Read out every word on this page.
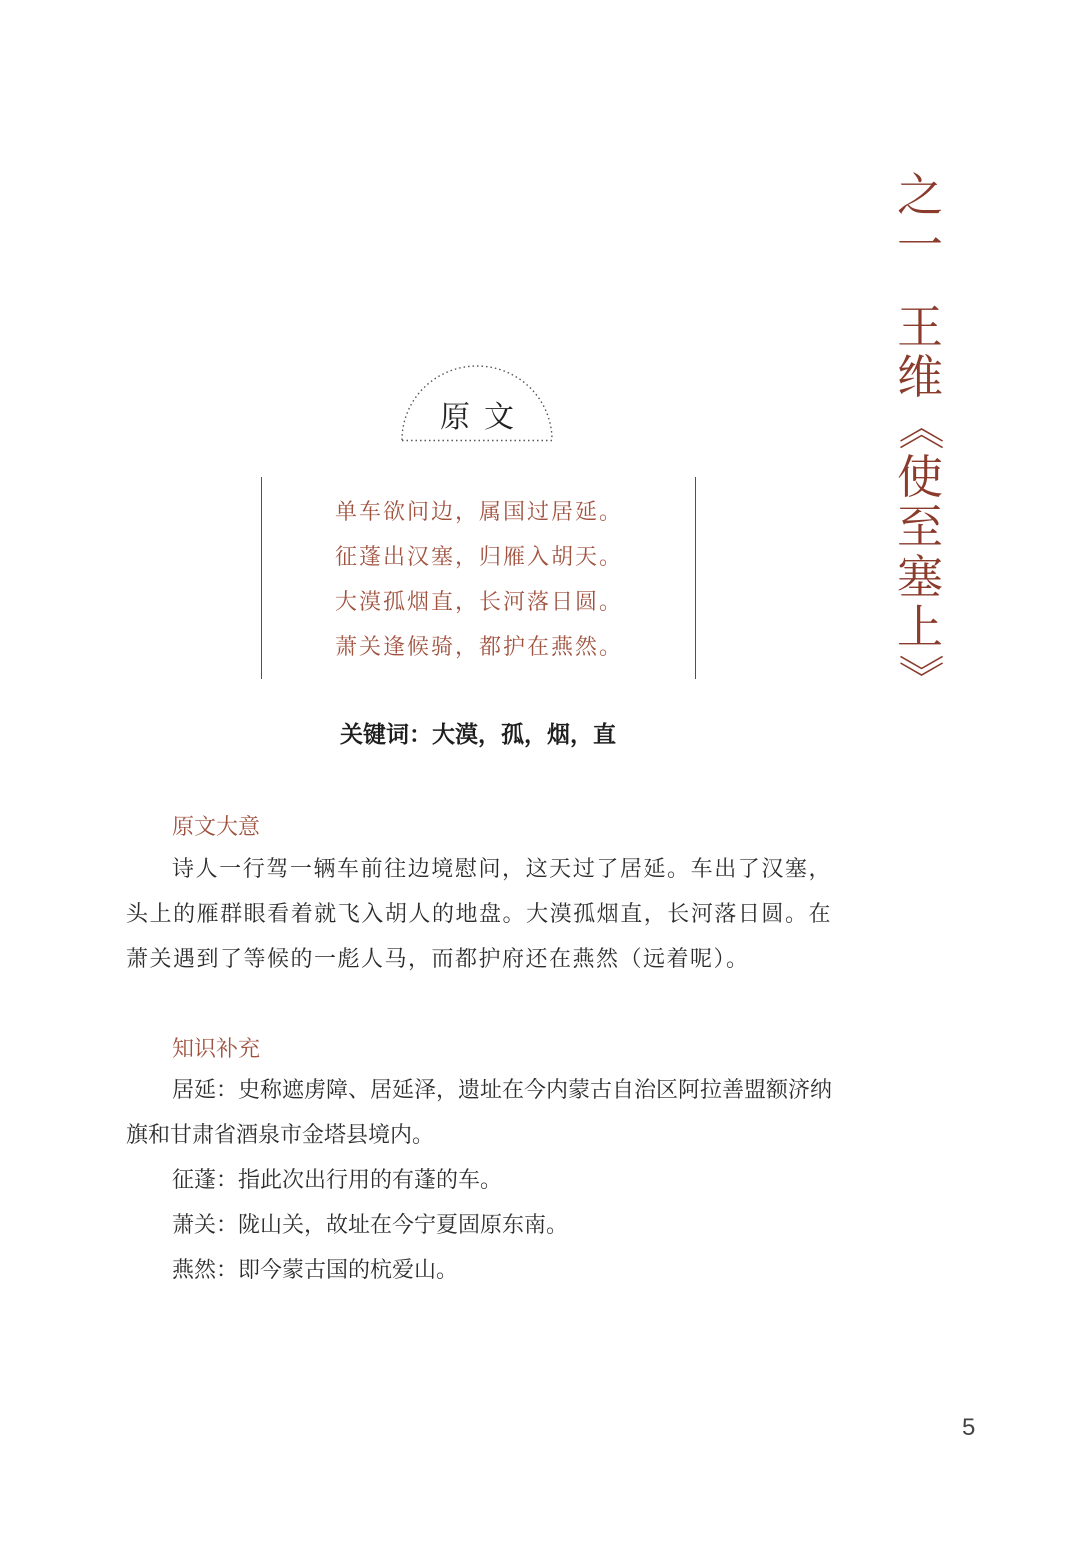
之
一
王
维
《
使
至
塞
上
》
原文
单车欲问边，属国过居延。
征蓬出汉塞，归雁入胡天。
大漠孤烟直，长河落日圆。
萧关逢候骑，都护在燕然。
关键词：大漠，孤，烟，直
原文大意

诗人一行驾一辆车前往边境慰问，这天过了居延。车出了汉塞，头上的雁群眼看着就飞入胡人的地盘。大漠孤烟直，长河落日圆。在萧关遇到了等候的一彪人马，而都护府还在燕然（远着呢）。

知识补充

居延：史称遮虏障、居延泽，遗址在今内蒙古自治区阿拉善盟额济纳旗和甘肃省酒泉市金塔县境内。

征蓬：指此次出行用的有蓬的车。

萧关：陇山关，故址在今宁夏固原东南。

燕然：即今蒙古国的杭爱山。

5
